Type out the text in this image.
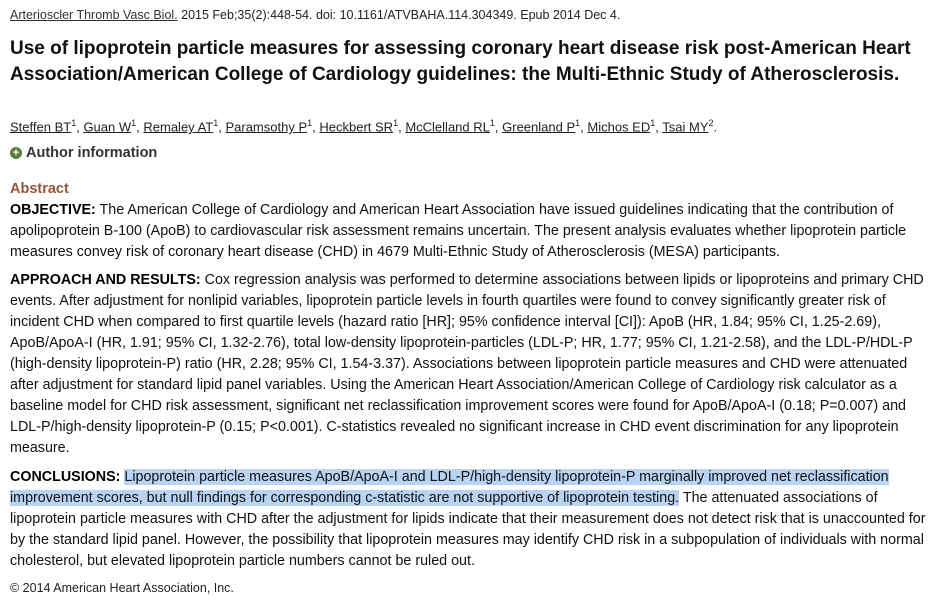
Arterioscler Thromb Vasc Biol. 2015 Feb;35(2):448-54. doi: 10.1161/ATVBAHA.114.304349. Epub 2014 Dec 4.
Use of lipoprotein particle measures for assessing coronary heart disease risk post-American Heart Association/American College of Cardiology guidelines: the Multi-Ethnic Study of Atherosclerosis.
Steffen $BT^1$, Guan $W^1$, Remaley $AT^1$, Paramsothy $P^1$, Heckbert $SR^1$, McClelland $RL^1$, Greenland $P^1$, Michos $ED^1$, Tsai $MY^2$.
+ Author information
Abstract

OBJECTIVE: The American College of Cardiology and American Heart Association have issued guidelines indicating that the contribution of apolipoprotein B-100 (ApoB) to cardiovascular risk assessment remains uncertain. The present analysis evaluates whether lipoprotein particle measures convey risk of coronary heart disease (CHD) in 4679 Multi-Ethnic Study of Atherosclerosis (MESA) participants.

APPROACH AND RESULTS: Cox regression analysis was performed to determine associations between lipids or lipoproteins and primary CHD events. After adjustment for nonlipid variables, lipoprotein particle levels in fourth quartiles were found to convey significantly greater risk of incident CHD when compared to first quartile levels (hazard ratio [HR]; 95% confidence interval [CI]): ApoB (HR, 1.84; 95% CI, 1.25-2.69), ApoB/ApoA-I (HR, 1.91; 95% CI, 1.32-2.76), total low-density lipoprotein-particles (LDL-P; HR, 1.77; 95% CI, 1.21-2.58), and the LDL-P/HDL-P (high-density lipoprotein-P) ratio (HR, 2.28; 95% CI, 1.54-3.37). Associations between lipoprotein particle measures and CHD were attenuated after adjustment for standard lipid panel variables. Using the American Heart Association/American College of Cardiology risk calculator as a baseline model for CHD risk assessment, significant net reclassification improvement scores were found for ApoB/ApoA-I (0.18; P=0.007) and LDL-P/high-density lipoprotein-P (0.15; P<0.001). C-statistics revealed no significant increase in CHD event discrimination for any lipoprotein measure.

CONCLUSIONS: Lipoprotein particle measures ApoB/ApoA-I and LDL-P/high-density lipoprotein-P marginally improved net reclassification improvement scores, but null findings for corresponding c-statistic are not supportive of lipoprotein testing. The attenuated associations of lipoprotein particle measures with CHD after the adjustment for lipids indicate that their measurement does not detect risk that is unaccounted for by the standard lipid panel. However, the possibility that lipoprotein measures may identify CHD risk in a subpopulation of individuals with normal cholesterol, but elevated lipoprotein particle numbers cannot be ruled out.

© 2014 American Heart Association, Inc.
